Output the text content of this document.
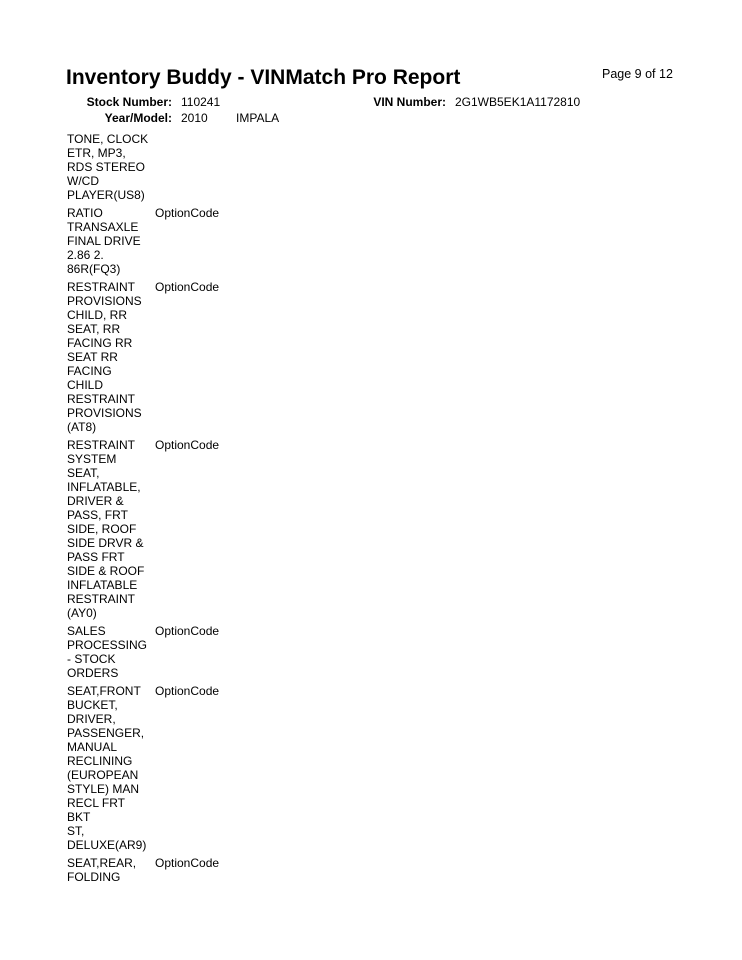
Inventory Buddy - VINMatch Pro Report	Page 9 of 12
Stock Number: 110241	VIN Number: 2G1WB5EK1A1172810
Year/Model: 2010 IMPALA
TONE, CLOCK
ETR, MP3,
RDS STEREO
W/CD
PLAYER(US8)
RATIO
TRANSAXLE
FINAL DRIVE
2.86 2.
86R(FQ3)
OptionCode
RESTRAINT
PROVISIONS
CHILD, RR
SEAT, RR
FACING RR
SEAT RR
FACING
CHILD
RESTRAINT
PROVISIONS
(AT8)
OptionCode
RESTRAINT
SYSTEM
SEAT,
INFLATABLE,
DRIVER &
PASS, FRT
SIDE, ROOF
SIDE DRVR &
PASS FRT
SIDE & ROOF
INFLATABLE
RESTRAINT
(AY0)
OptionCode
SALES
PROCESSING
- STOCK
ORDERS
OptionCode
SEAT,FRONT
BUCKET,
DRIVER,
PASSENGER,
MANUAL
RECLINING
(EUROPEAN
STYLE) MAN
RECL FRT
BKT
ST,
DELUXE(AR9)
OptionCode
SEAT,REAR,
FOLDING
OptionCode
